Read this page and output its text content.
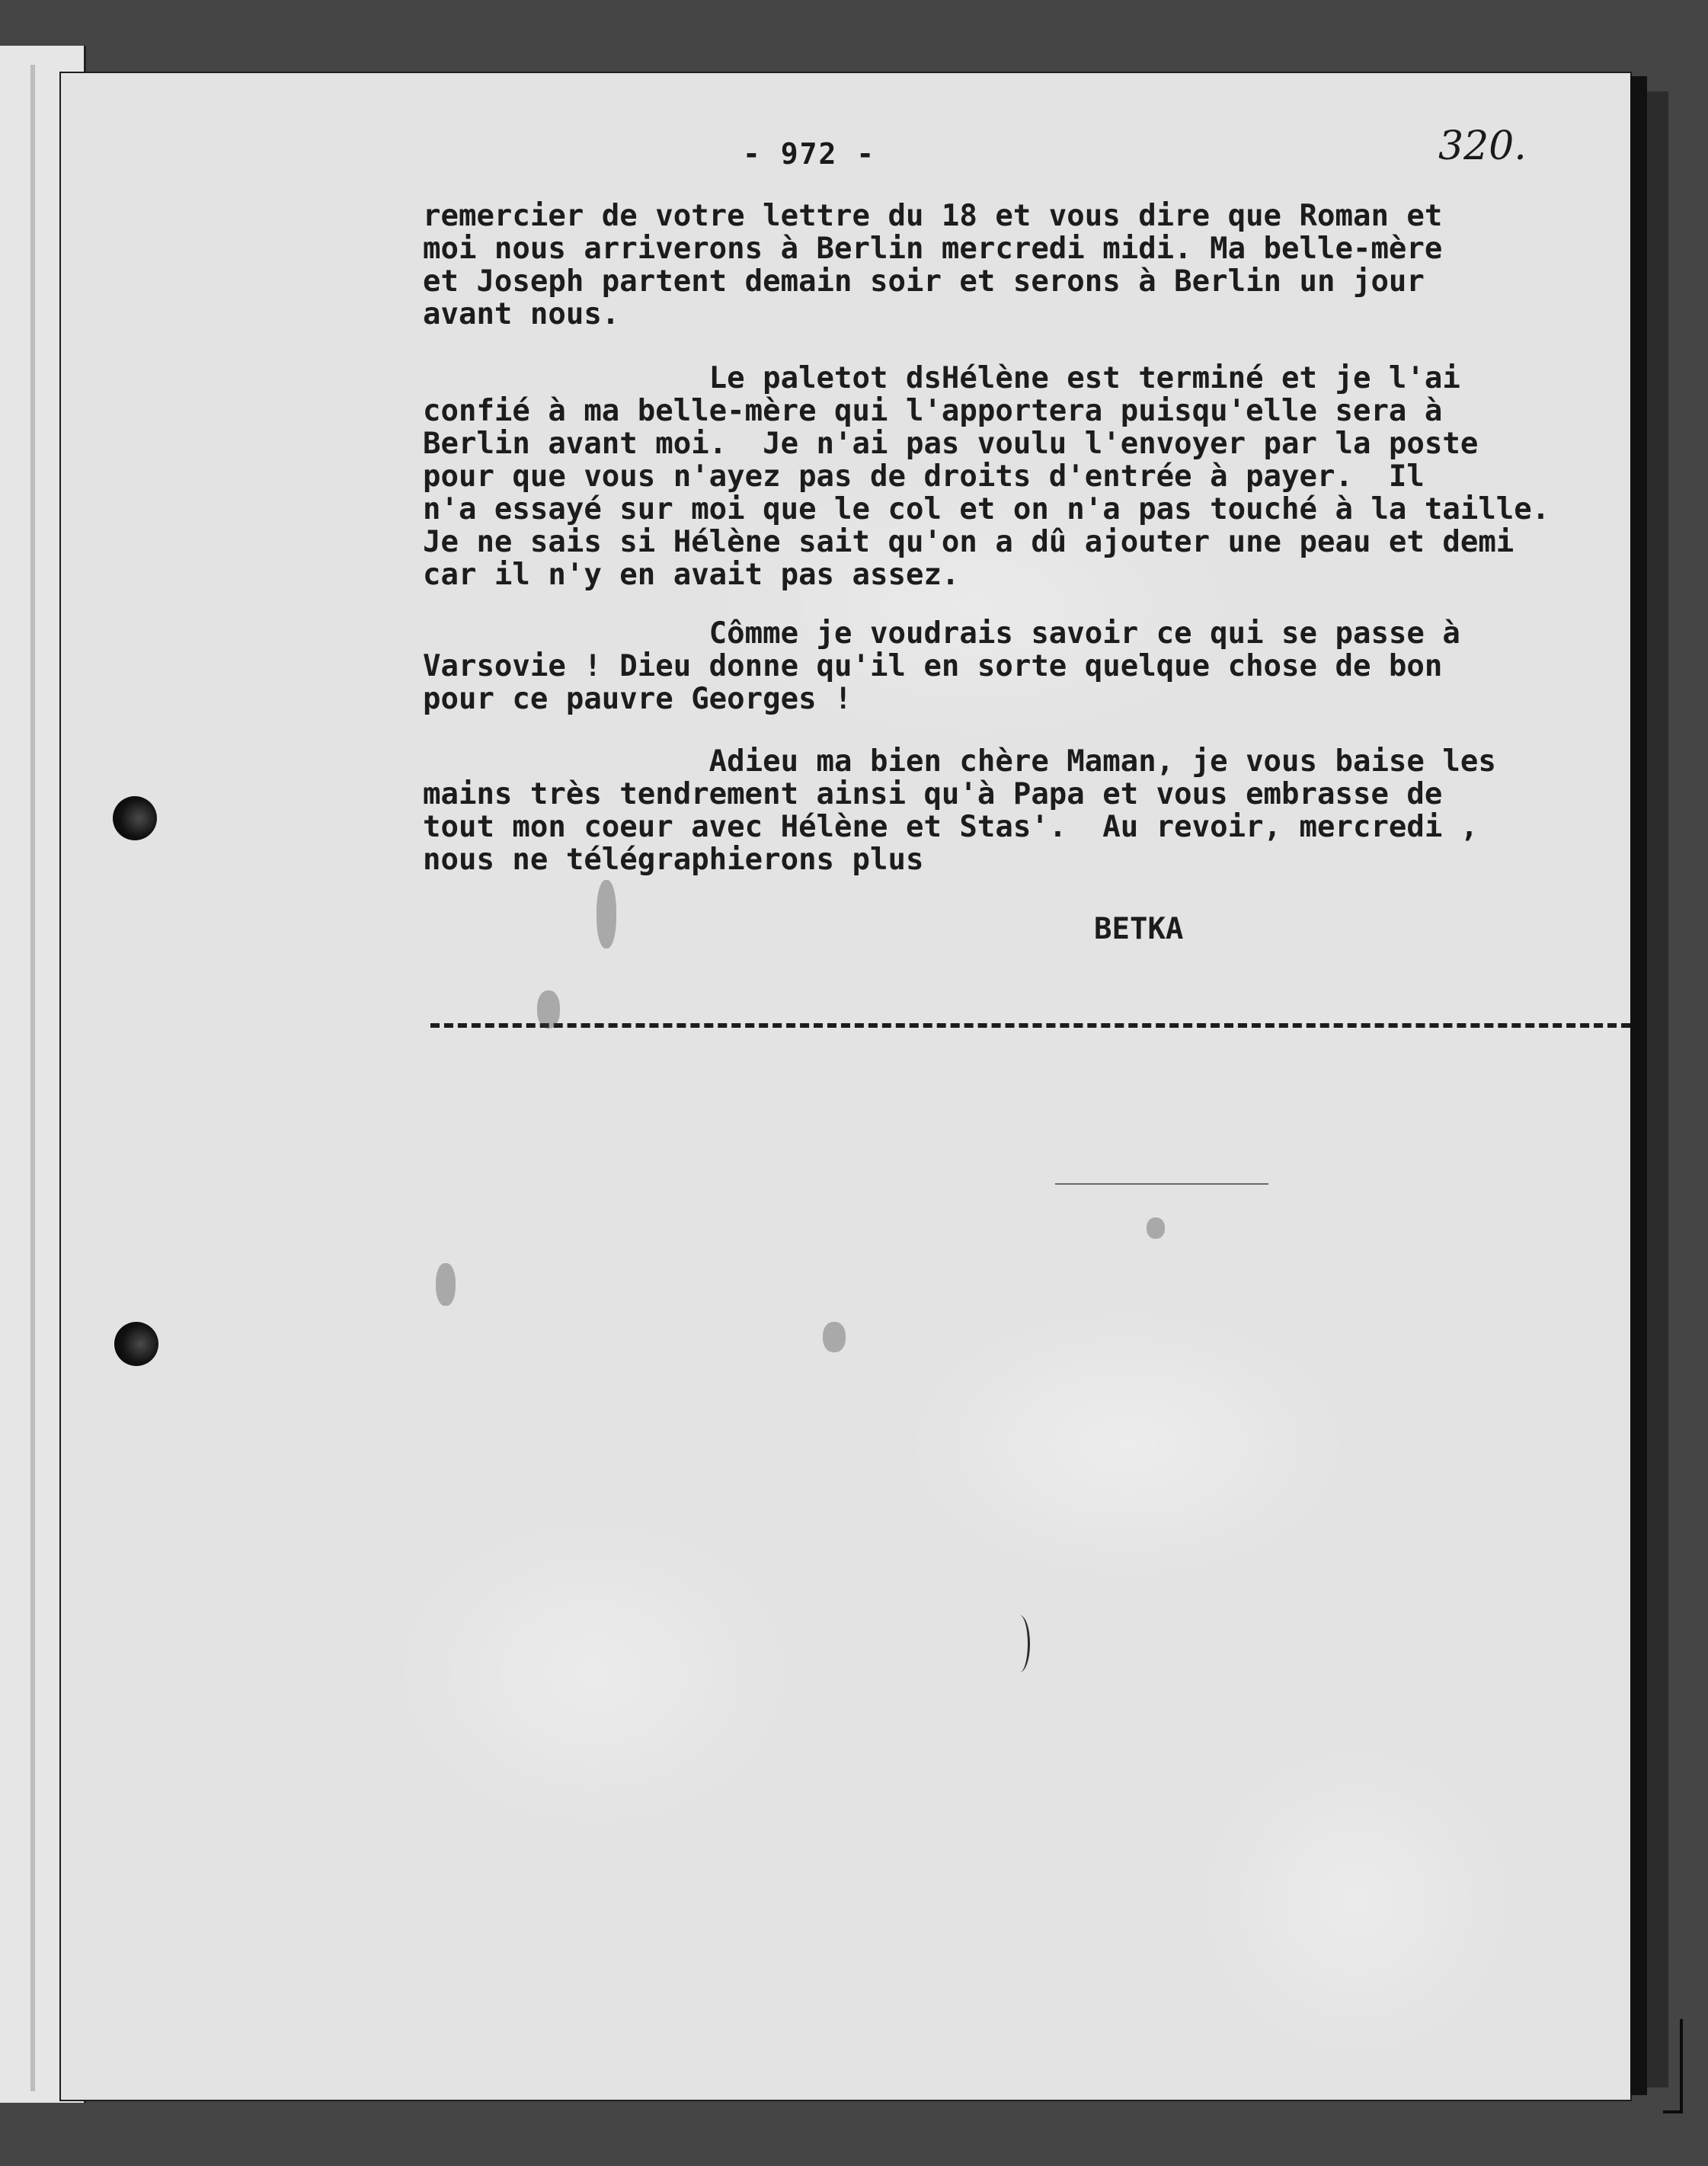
- 972 -	320.
remercier de votre lettre du 18 et vous dire que Roman et
moi nous arriverons à Berlin mercredi midi. Ma belle-mère
et Joseph partent demain soir et serons à Berlin un jour
avant nous.
Le paletot dsHélène est terminé et je l'ai
confié à ma belle-mère qui l'apportera puisqu'elle sera à
Berlin avant moi.  Je n'ai pas voulu l'envoyer par la poste
pour que vous n'ayez pas de droits d'entrée à payer.  Il
n'a essayé sur moi que le col et on n'a pas touché à la taille.
Je ne sais si Hélène sait qu'on a dû ajouter une peau et demi
car il n'y en avait pas assez.
Cômme je voudrais savoir ce qui se passe à
Varsovie ! Dieu donne qu'il en sorte quelque chose de bon
pour ce pauvre Georges !
Adieu ma bien chère Maman, je vous baise les
mains très tendrement ainsi qu'à Papa et vous embrasse de
tout mon coeur avec Hélène et Stas'.  Au revoir, mercredi ,
nous ne télégraphierons plus
BETKA
